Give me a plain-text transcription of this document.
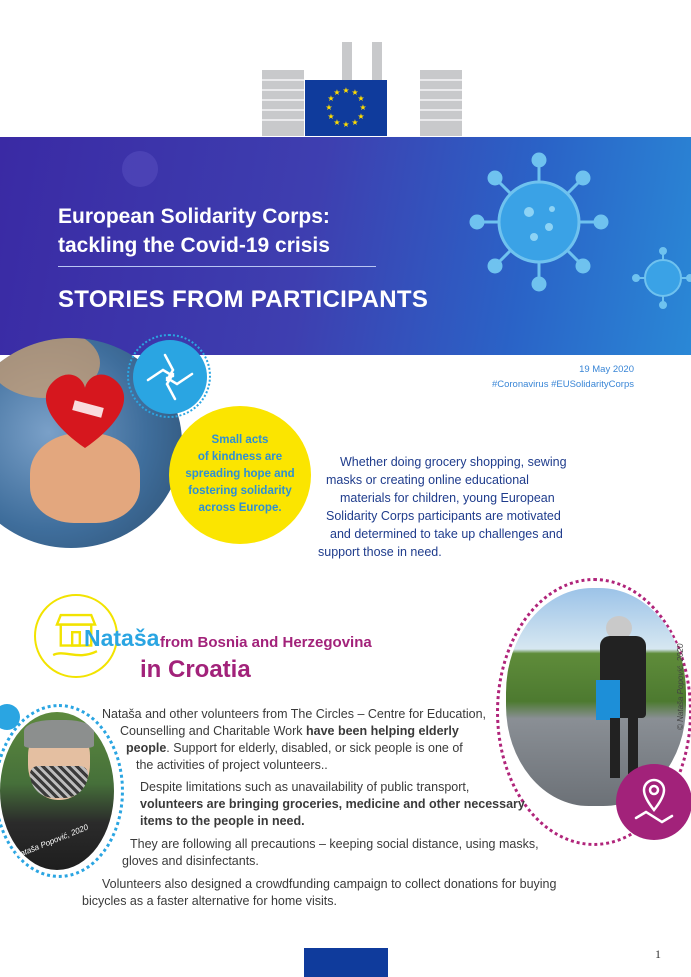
★ ★
★
★
★
★
★
★
★
★
★
★
European Solidarity Corps:
tackling the Covid-19 crisis
STORIES FROM PARTICIPANTS
19 May 2020
#Coronavirus #EUSolidarityCorps
Small acts
of kindness are
spreading hope and
fostering solidarity
across Europe.
Whether doing grocery shopping, sewing
masks or creating online educational
materials for children, young European
Solidarity Corps participants are motivated
and determined to take up challenges and
support those in need.
Nataša from Bosnia and Herzegovina
in Croatia	© Nataša Popović, 2020
© Nataša Popović, 2020
Nataša and other volunteers from The Circles – Centre for Education,
Counselling and Charitable Work have been helping elderly
people. Support for elderly, disabled, or sick people is one of
the activities of project volunteers..
Despite limitations such as unavailability of public transport,
volunteers are bringing groceries, medicine and other necessary
items to the people in need.
They are following all precautions – keeping social distance, using masks,
gloves and disinfectants.
Volunteers also designed a crowdfunding campaign to collect donations for buying
bicycles as a faster alternative for home visits.
1
